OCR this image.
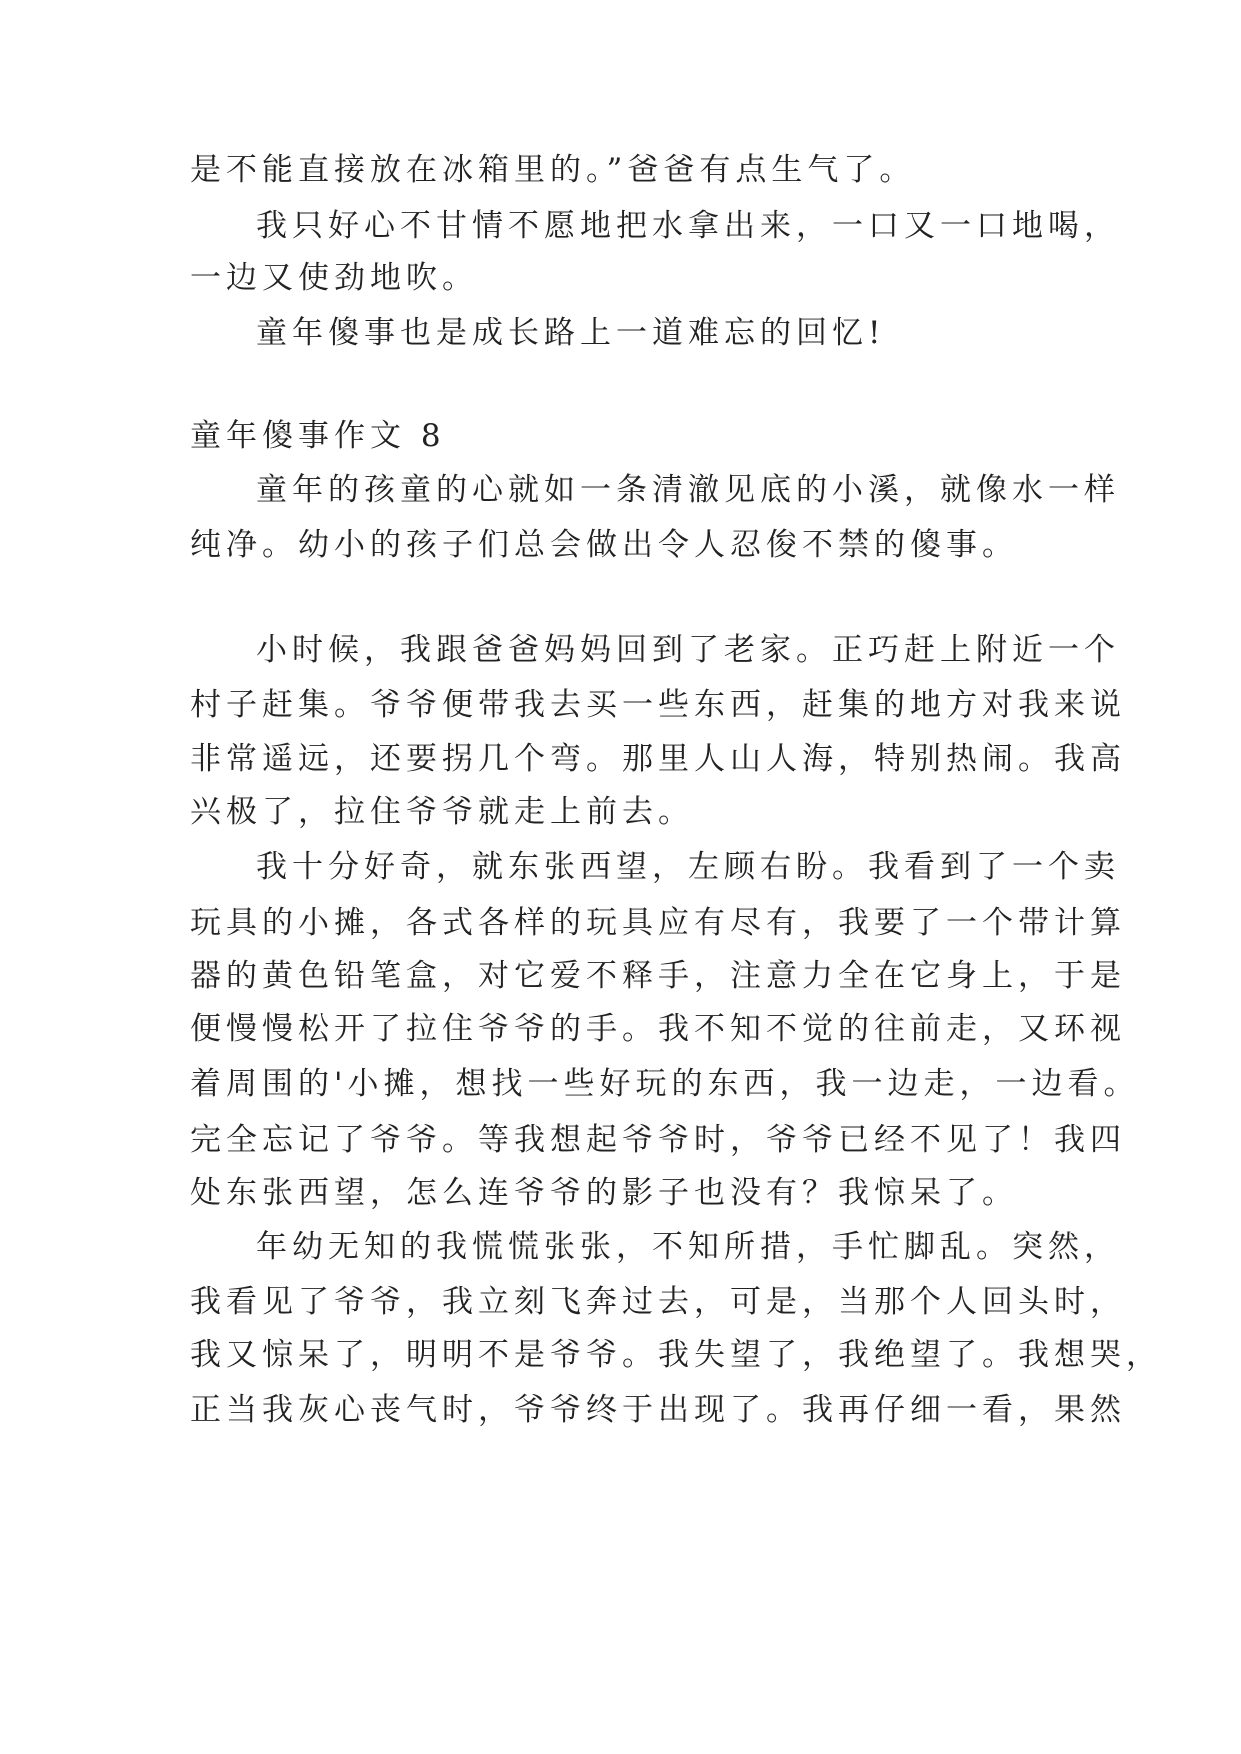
是不能直接放在冰箱里的。”爸爸有点生气了。
我只好心不甘情不愿地把水拿出来，一口又一口地喝，
一边又使劲地吹。
童年傻事也是成长路上一道难忘的回忆!
童年傻事作文 8
童年的孩童的心就如一条清澈见底的小溪，就像水一样
纯净。幼小的孩子们总会做出令人忍俊不禁的傻事。
小时候，我跟爸爸妈妈回到了老家。正巧赶上附近一个
村子赶集。爷爷便带我去买一些东西，赶集的地方对我来说
非常遥远，还要拐几个弯。那里人山人海，特别热闹。我高
兴极了，拉住爷爷就走上前去。
我十分好奇，就东张西望，左顾右盼。我看到了一个卖
玩具的小摊，各式各样的玩具应有尽有，我要了一个带计算
器的黄色铅笔盒，对它爱不释手，注意力全在它身上，于是
便慢慢松开了拉住爷爷的手。我不知不觉的往前走，又环视
着周围的'小摊，想找一些好玩的东西，我一边走，一边看。
完全忘记了爷爷。等我想起爷爷时，爷爷已经不见了！我四
处东张西望，怎么连爷爷的影子也没有？我惊呆了。
年幼无知的我慌慌张张，不知所措，手忙脚乱。突然，
我看见了爷爷，我立刻飞奔过去，可是，当那个人回头时，
我又惊呆了，明明不是爷爷。我失望了，我绝望了。我想哭，
正当我灰心丧气时，爷爷终于出现了。我再仔细一看，果然
